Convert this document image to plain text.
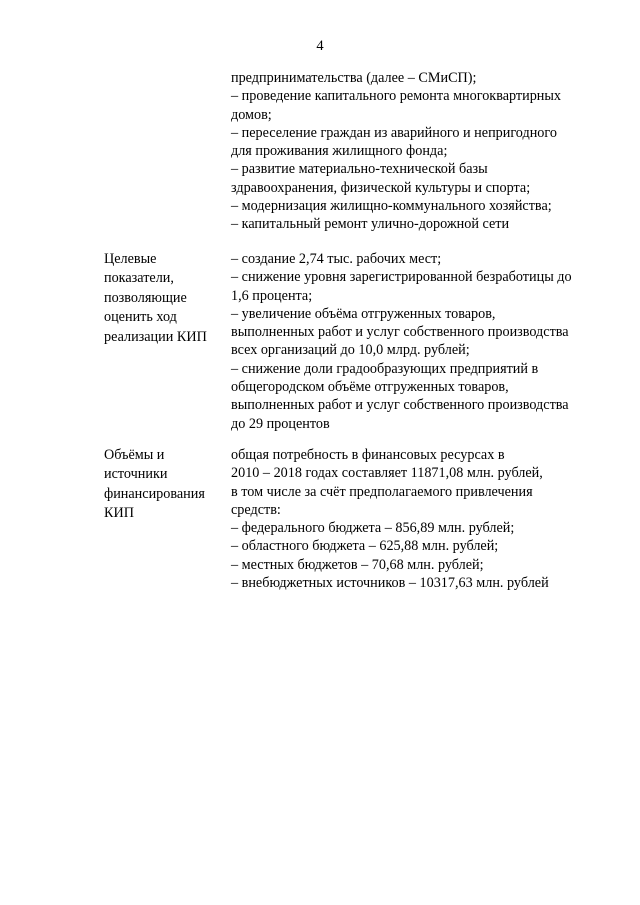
4
предпринимательства (далее – СМиСП);
– проведение капитального ремонта многоквартирных
домов;
– переселение граждан из аварийного и непригодного
для проживания жилищного фонда;
– развитие материально-технической базы
здравоохранения, физической культуры и спорта;
– модернизация жилищно-коммунального хозяйства;
– капитальный ремонт улично-дорожной сети
Целевые
показатели,
позволяющие
оценить ход
реализации КИП
– создание 2,74 тыс. рабочих мест;
– снижение уровня зарегистрированной безработицы до
1,6 процента;
– увеличение объёма отгруженных товаров,
выполненных работ и услуг собственного производства
всех организаций до 10,0 млрд. рублей;
– снижение доли градообразующих предприятий в
общегородском объёме отгруженных товаров,
выполненных работ и услуг собственного производства
до 29 процентов
Объёмы и
источники
финансирования
КИП
общая потребность в финансовых ресурсах в
2010 – 2018 годах составляет 11871,08 млн. рублей,
в том числе за счёт предполагаемого привлечения
средств:
– федерального бюджета – 856,89 млн. рублей;
– областного бюджета – 625,88 млн. рублей;
– местных бюджетов – 70,68 млн. рублей;
– внебюджетных источников – 10317,63 млн. рублей
